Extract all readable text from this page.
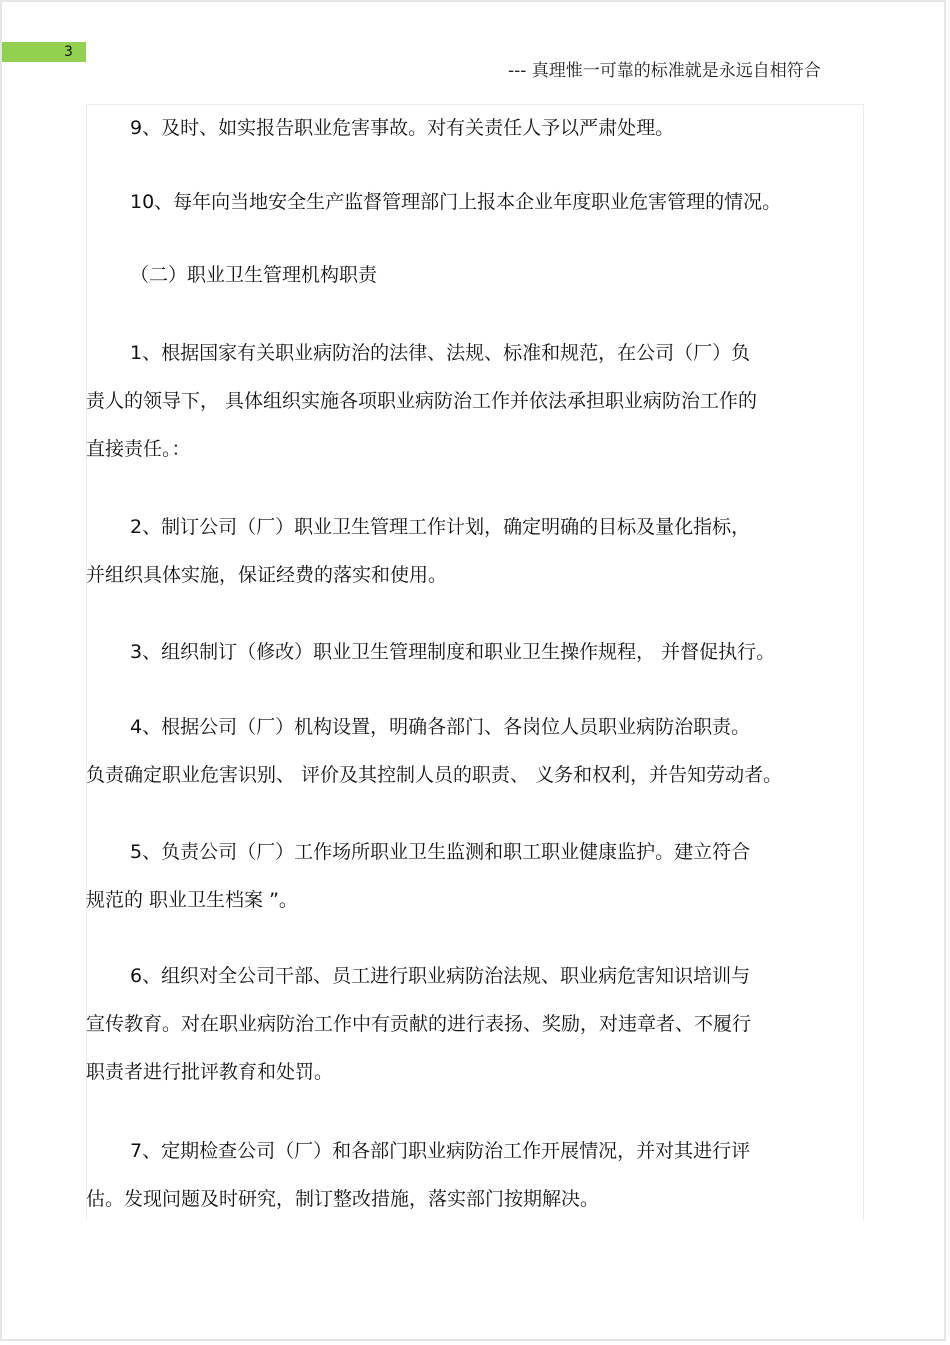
3
--- 真理惟一可靠的标准就是永远自相符合
9、及时、如实报告职业危害事故。对有关责任人予以严肃处理。
10、每年向当地安全生产监督管理部门上报本企业年度职业危害管理的情况。
（二）职业卫生管理机构职责
1、根据国家有关职业病防治的法律、法规、标准和规范，在公司（厂）负
责人的领导下， 具体组织实施各项职业病防治工作并依法承担职业病防治工作的
直接责任。：
2、制订公司（厂）职业卫生管理工作计划，确定明确的目标及量化指标，
并组织具体实施，保证经费的落实和使用。
3、组织制订（修改）职业卫生管理制度和职业卫生操作规程， 并督促执行。
4、根据公司（厂）机构设置，明确各部门、各岗位人员职业病防治职责。
负责确定职业危害识别、 评价及其控制人员的职责、 义务和权利，并告知劳动者。
5、负责公司（厂）工作场所职业卫生监测和职工职业健康监护。建立符合
规范的 职业卫生档案 ”。
6、组织对全公司干部、员工进行职业病防治法规、职业病危害知识培训与
宣传教育。对在职业病防治工作中有贡献的进行表扬、奖励，对违章者、不履行
职责者进行批评教育和处罚。
7、定期检查公司（厂）和各部门职业病防治工作开展情况，并对其进行评
估。发现问题及时研究，制订整改措施，落实部门按期解决。
